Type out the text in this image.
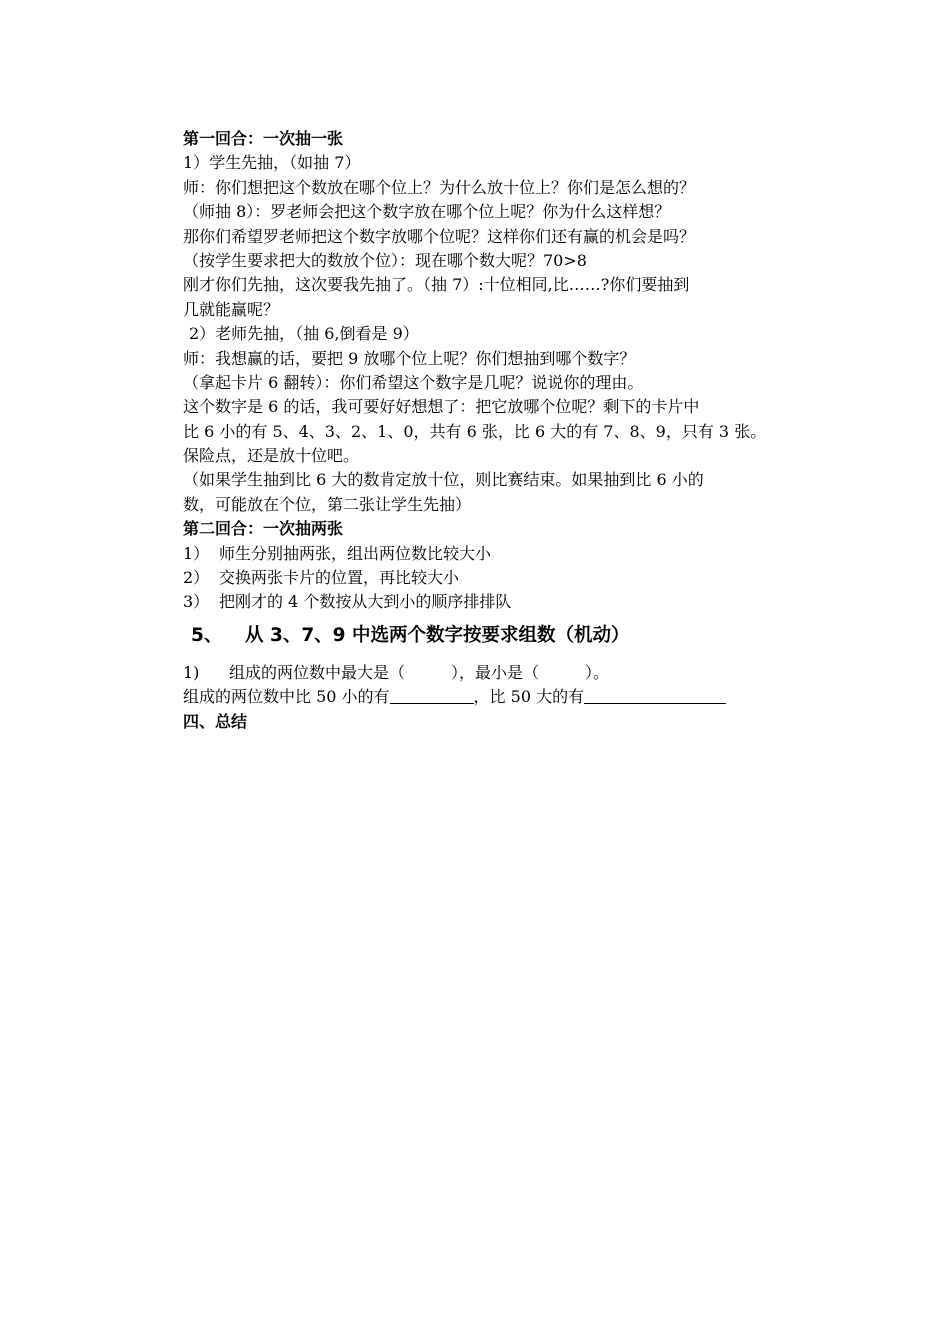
第一回合：一次抽一张
1）学生先抽，（如抽 7）
师：你们想把这个数放在哪个位上？为什么放十位上？你们是怎么想的？
（师抽 8）：罗老师会把这个数字放在哪个位上呢？你为什么这样想？
那你们希望罗老师把这个数字放哪个位呢？这样你们还有赢的机会是吗？
（按学生要求把大的数放个位）：现在哪个数大呢？70>8
刚才你们先抽，这次要我先抽了。（抽 7）:十位相同,比……?你们要抽到
几就能赢呢？
2）老师先抽，（抽 6,倒看是 9）
师：我想赢的话，要把 9 放哪个位上呢？你们想抽到哪个数字？
（拿起卡片 6 翻转）：你们希望这个数字是几呢？说说你的理由。
这个数字是 6 的话，我可要好好想想了：把它放哪个位呢？剩下的卡片中
比 6 小的有 5、4、3、2、1、0，共有 6 张，比 6 大的有 7、8、9，只有 3 张。
保险点，还是放十位吧。
（如果学生抽到比 6 大的数肯定放十位，则比赛结束。如果抽到比 6 小的
数，可能放在个位，第二张让学生先抽）
第二回合：一次抽两张
1） 师生分别抽两张，组出两位数比较大小
2） 交换两张卡片的位置，再比较大小
3） 把刚才的 4 个数按从大到小的顺序排排队
5、 从 3、7、9 中选两个数字按要求组数（机动）
1) 组成的两位数中最大是（	），最小是（	）。
组成的两位数中比 50 小的有	，比 50 大的有
四、总结
